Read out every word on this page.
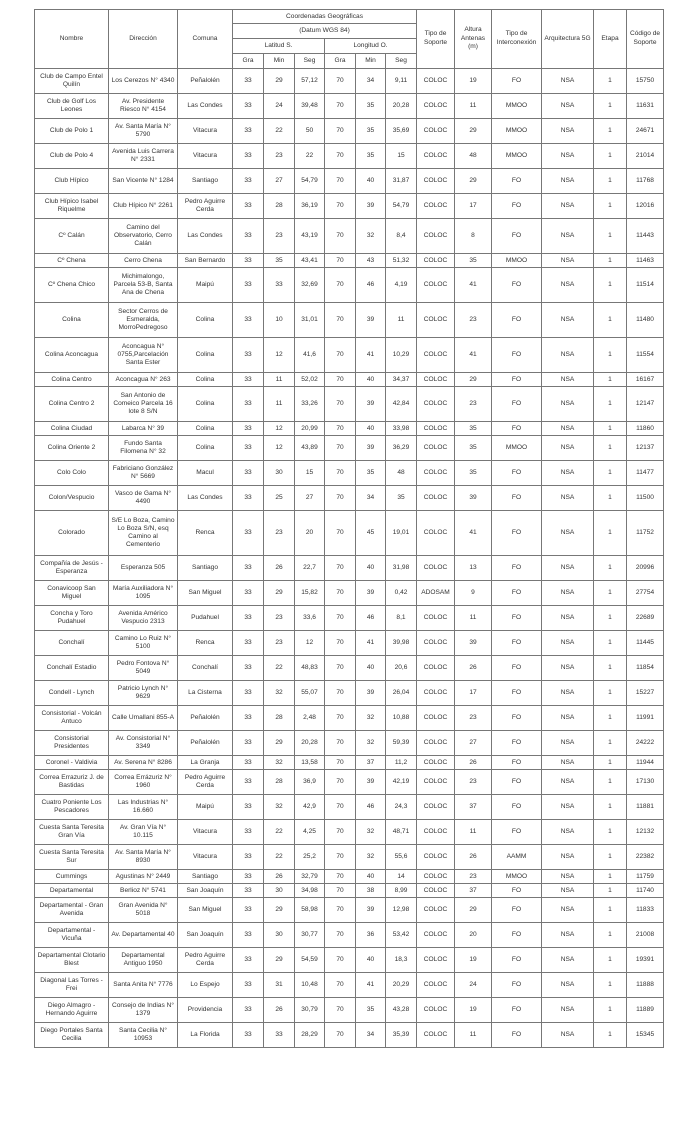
Nombre	Dirección	Comuna	Coordenadas Geográficas						Tipo de Soporte	Altura Antenas (m)	Tipo de Interconexión	Arquitectura 5G	Etapa	Código de Soporte
			(Datum WGS 84)											
			Latitud S.			Longitud O.								
			Gra	Min	Seg	Gra	Min	Seg						
Club de Campo Entel Quilín	Los Cerezos N° 4340	Peñalolén	33	29	57,12	70	34	9,11	COLOC	19	FO	NSA	1	15750
Club de Golf Los Leones	Av. Presidente Riesco N° 4154	Las Condes	33	24	39,48	70	35	20,28	COLOC	11	MMOO	NSA	1	11631
Club de Polo 1	Av. Santa María N° 5790	Vitacura	33	22	50	70	35	35,69	COLOC	29	MMOO	NSA	1	24671
Club de Polo 4	Avenida Luis Carrera N° 2331	Vitacura	33	23	22	70	35	15	COLOC	48	MMOO	NSA	1	21014
Club Hípico	San Vicente N° 1284	Santiago	33	27	54,79	70	40	31,87	COLOC	29	FO	NSA	1	11768
Club Hípico Isabel Riquelme	Club Hípico N° 2261	Pedro Aguirre Cerda	33	28	36,19	70	39	54,79	COLOC	17	FO	NSA	1	12016
Cº Calán	Camino del Observatorio, Cerro Calán	Las Condes	33	23	43,19	70	32	8,4	COLOC	8	FO	NSA	1	11443
Cº Chena	Cerro Chena	San Bernardo	33	35	43,41	70	43	51,32	COLOC	35	MMOO	NSA	1	11463
Cº Chena Chico	Michimalongo, Parcela 53-B, Santa Ana de Chena	Maipú	33	33	32,69	70	46	4,19	COLOC	41	FO	NSA	1	11514
Colina	Sector Cerros de Esmeralda, MorroPedregoso	Colina	33	10	31,01	70	39	11	COLOC	23	FO	NSA	1	11480
Colina Aconcagua	Aconcagua N° 0755,Parcelación Santa Ester	Colina	33	12	41,6	70	41	10,29	COLOC	41	FO	NSA	1	11554
Colina Centro	Aconcagua N° 263	Colina	33	11	52,02	70	40	34,37	COLOC	29	FO	NSA	1	16167
Colina Centro 2	San Antonio de Comeico Parcela 16 lote 8 S/N	Colina	33	11	33,26	70	39	42,84	COLOC	23	FO	NSA	1	12147
Colina Ciudad	Labarca N° 39	Colina	33	12	20,99	70	40	33,98	COLOC	35	FO	NSA	1	11860
Colina Oriente 2	Fundo Santa Filomena N° 32	Colina	33	12	43,89	70	39	36,29	COLOC	35	MMOO	NSA	1	12137
Colo Colo	Fabriciano González N° 5669	Macul	33	30	15	70	35	48	COLOC	35	FO	NSA	1	11477
Colon/Vespucio	Vasco de Gama N° 4490	Las Condes	33	25	27	70	34	35	COLOC	39	FO	NSA	1	11500
Colorado	S/E Lo Boza, Camino Lo Boza S/N, esq Camino al Cementerio	Renca	33	23	20	70	45	19,01	COLOC	41	FO	NSA	1	11752
Compañía de Jesús - Esperanza	Esperanza 505	Santiago	33	26	22,7	70	40	31,98	COLOC	13	FO	NSA	1	20996
Conavicoop San Miguel	María Auxiliadora N° 1095	San Miguel	33	29	15,82	70	39	0,42	ADOSAM	9	FO	NSA	1	27754
Concha y Toro Pudahuel	Avenida Américo Vespucio 2313	Pudahuel	33	23	33,6	70	46	8,1	COLOC	11	FO	NSA	1	22689
Conchalí	Camino Lo Ruiz N° 5100	Renca	33	23	12	70	41	39,98	COLOC	39	FO	NSA	1	11445
Conchalí Estadio	Pedro Fontova N° 5049	Conchalí	33	22	48,83	70	40	20,6	COLOC	26	FO	NSA	1	11854
Condell - Lynch	Patricio Lynch N° 9629	La Cisterna	33	32	55,07	70	39	26,04	COLOC	17	FO	NSA	1	15227
Consistorial - Volcán Antuco	Calle Umallani 855-A	Peñalolén	33	28	2,48	70	32	10,88	COLOC	23	FO	NSA	1	11991
Consistorial Presidentes	Av. Consistorial N° 3349	Peñalolén	33	29	20,28	70	32	59,39	COLOC	27	FO	NSA	1	24222
Coronel - Valdivia	Av. Serena N° 8286	La Granja	33	32	13,58	70	37	11,2	COLOC	26	FO	NSA	1	11944
Correa Errazuriz J. de Bastidas	Correa Errázuriz N° 1960	Pedro Aguirre Cerda	33	28	36,9	70	39	42,19	COLOC	23	FO	NSA	1	17130
Cuatro Poniente Los Pescadores	Las Industrias N° 16.660	Maipú	33	32	42,9	70	46	24,3	COLOC	37	FO	NSA	1	11881
Cuesta Santa Teresita Gran Vía	Av. Gran Vía N° 10.115	Vitacura	33	22	4,25	70	32	48,71	COLOC	11	FO	NSA	1	12132
Cuesta Santa Teresita Sur	Av. Santa María N° 8930	Vitacura	33	22	25,2	70	32	55,6	COLOC	26	AAMM	NSA	1	22382
Cummings	Agustinas N° 2449	Santiago	33	26	32,79	70	40	14	COLOC	23	MMOO	NSA	1	11759
Departamental	Berlioz N° 5741	San Joaquín	33	30	34,98	70	38	8,99	COLOC	37	FO	NSA	1	11740
Departamental - Gran Avenida	Gran Avenida N° 5018	San Miguel	33	29	58,98	70	39	12,98	COLOC	29	FO	NSA	1	11833
Departamental - Vicuña	Av. Departamental 40	San Joaquín	33	30	30,77	70	36	53,42	COLOC	20	FO	NSA	1	21008
Departamental Clotario Blest	Departamental Antiguo 1950	Pedro Aguirre Cerda	33	29	54,59	70	40	18,3	COLOC	19	FO	NSA	1	19391
Diagonal Las Torres - Frei	Santa Anita N° 7776	Lo Espejo	33	31	10,48	70	41	20,29	COLOC	24	FO	NSA	1	11888
Diego Almagro - Hernando Aguirre	Consejo de Indias N° 1379	Providencia	33	26	30,79	70	35	43,28	COLOC	19	FO	NSA	1	11889
Diego Portales Santa Cecilia	Santa Cecilia N° 10953	La Florida	33	33	28,29	70	34	35,39	COLOC	11	FO	NSA	1	15345
